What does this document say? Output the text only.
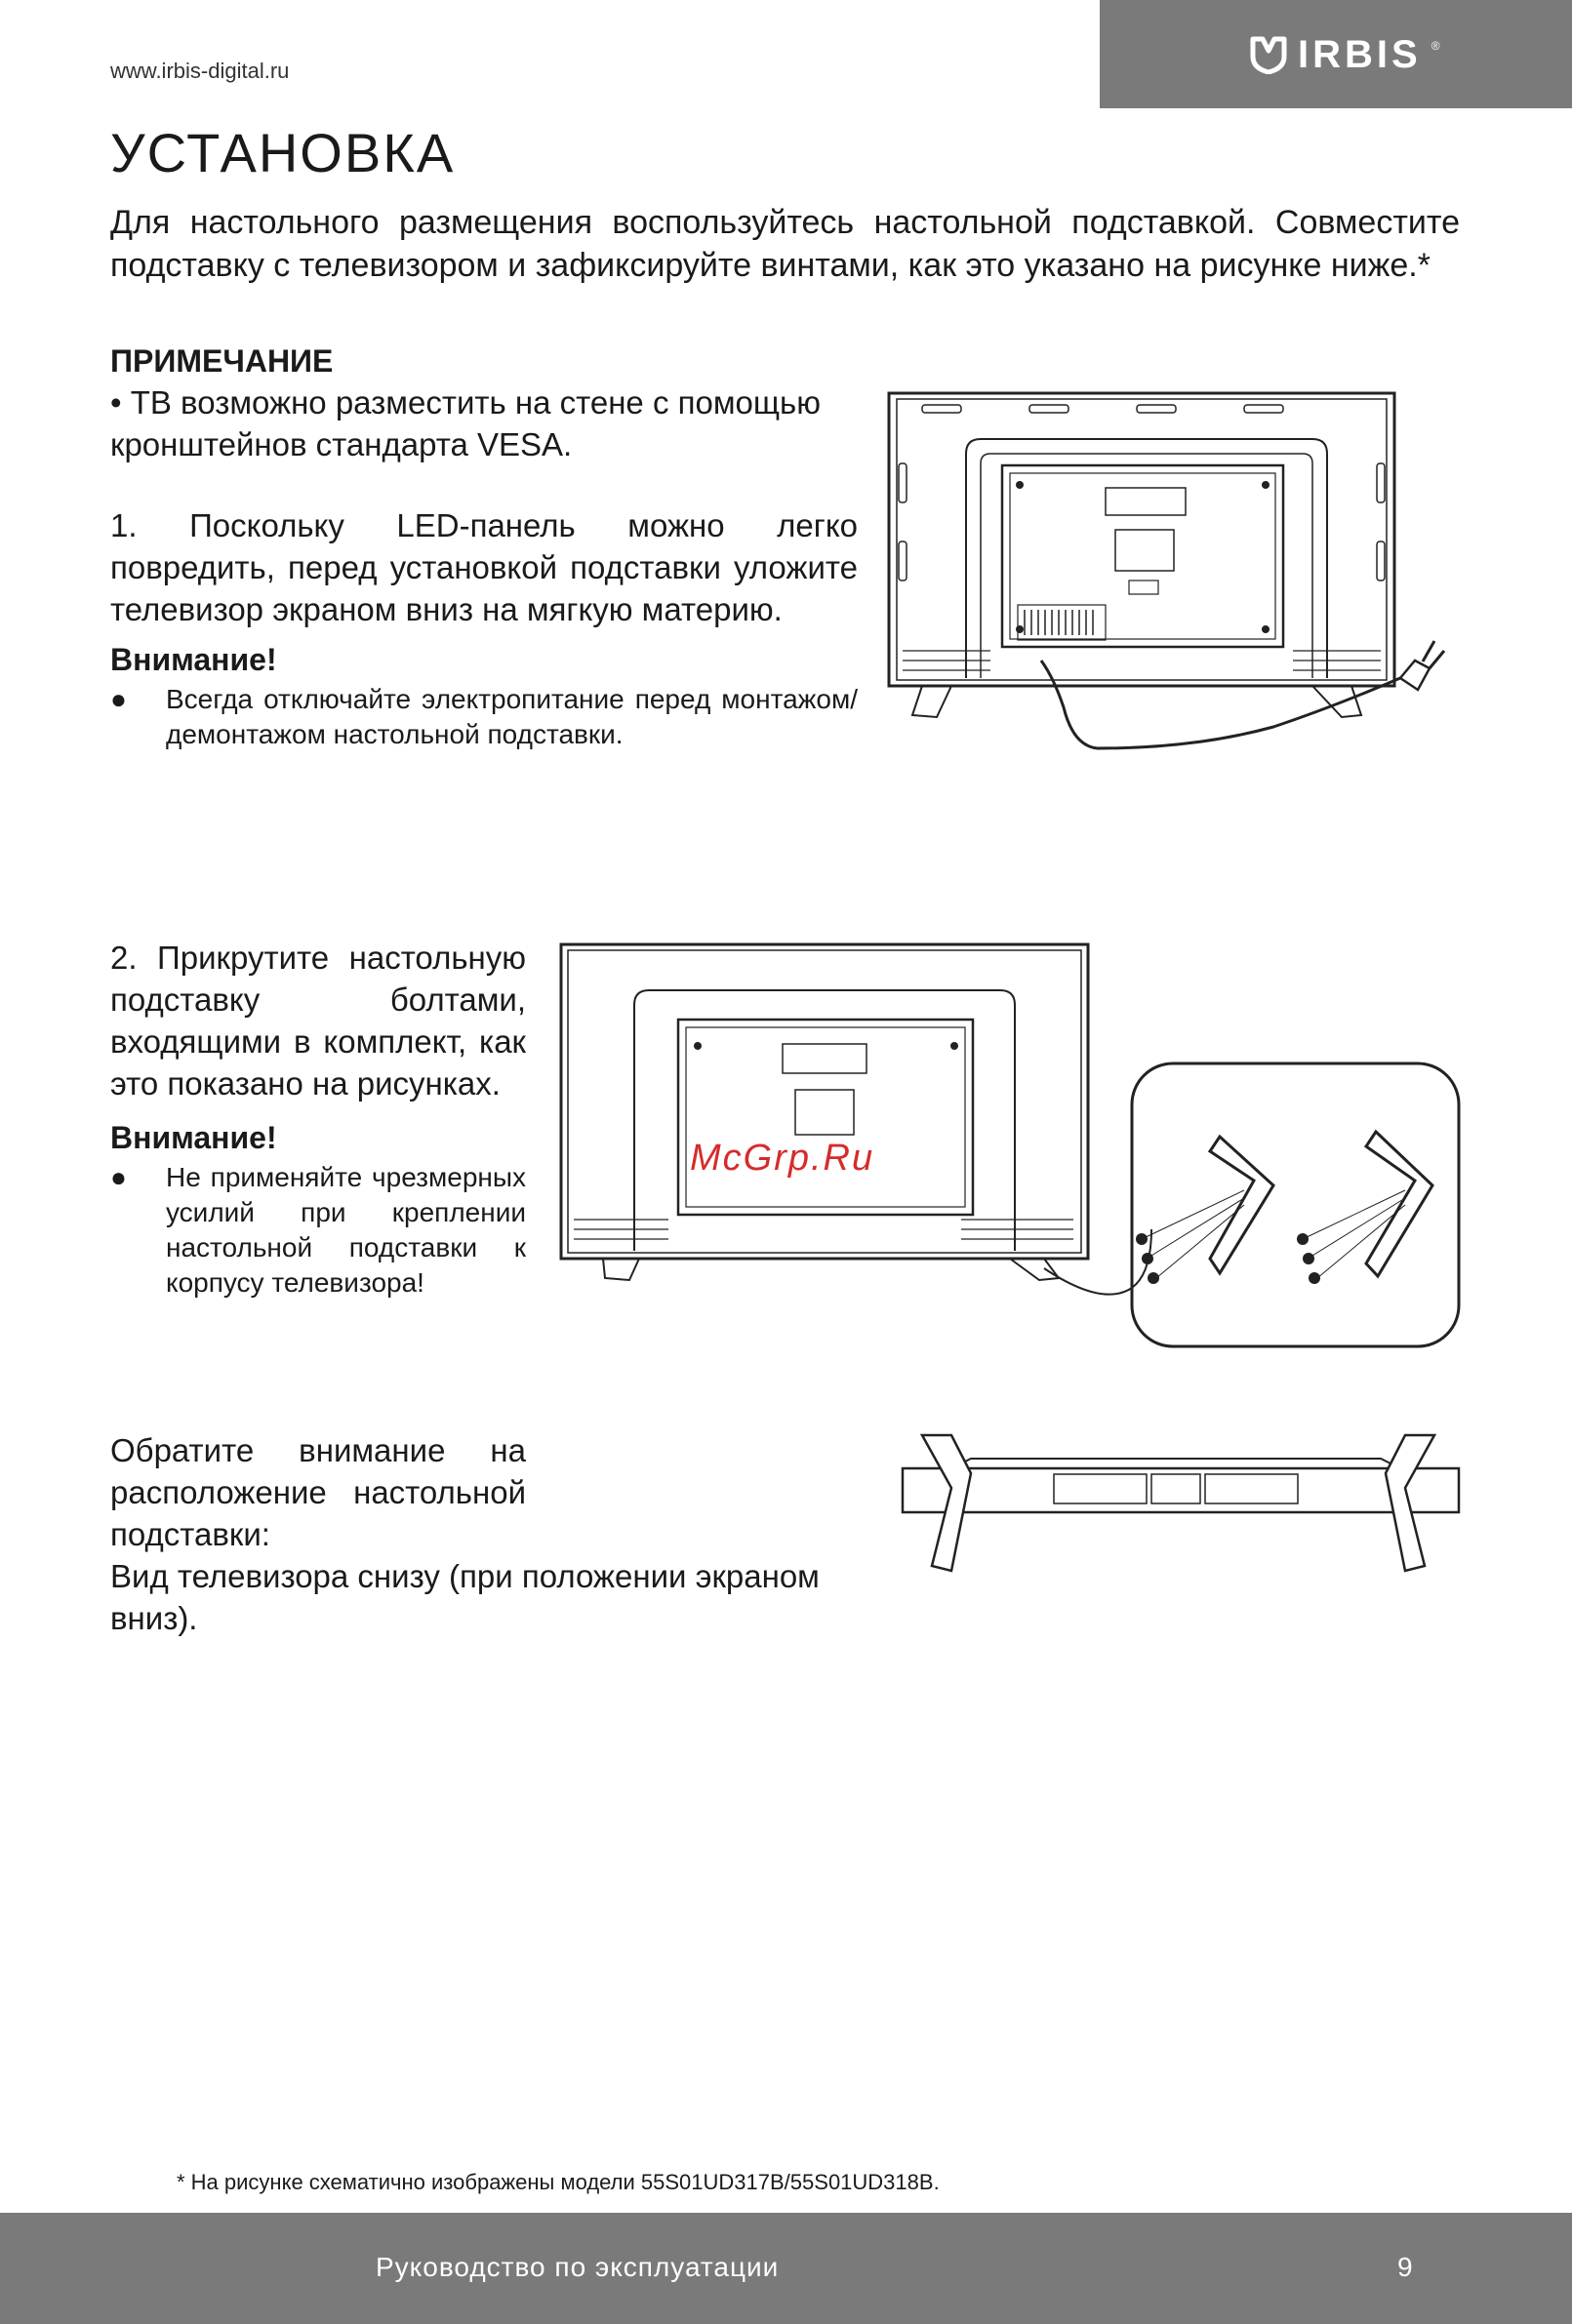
www.irbis-digital.ru	IRBIS ®
УСТАНОВКА
Для настольного размещения воспользуйтесь настольной подставкой. Совместите подставку с телевизором и зафиксируйте винтами, как это указано на рисунке ниже.*
ПРИМЕЧАНИЕ
• ТВ возможно разместить на стене с помощью кронштейнов стандарта VESA.
1. Поскольку LED-панель можно легко повредить, перед установкой подставки уложите телевизор экраном вниз на мягкую материю.
Внимание!
● Всегда отключайте электропитание перед монтажом/демонтажом настольной подставки.
2. Прикрутите настольную подставку болтами, входящими в комплект, как это показано на рисунках.
Внимание!
● Не применяйте чрезмерных усилий при креплении настольной подставки к корпусу телевизора!
McGrp.Ru
Обратите внимание на расположение настольной подставки:
Вид телевизора снизу (при положении экраном вниз).
* На рисунке схематично изображены модели 55S01UD317B/55S01UD318B.
Руководство по эксплуатации	9
